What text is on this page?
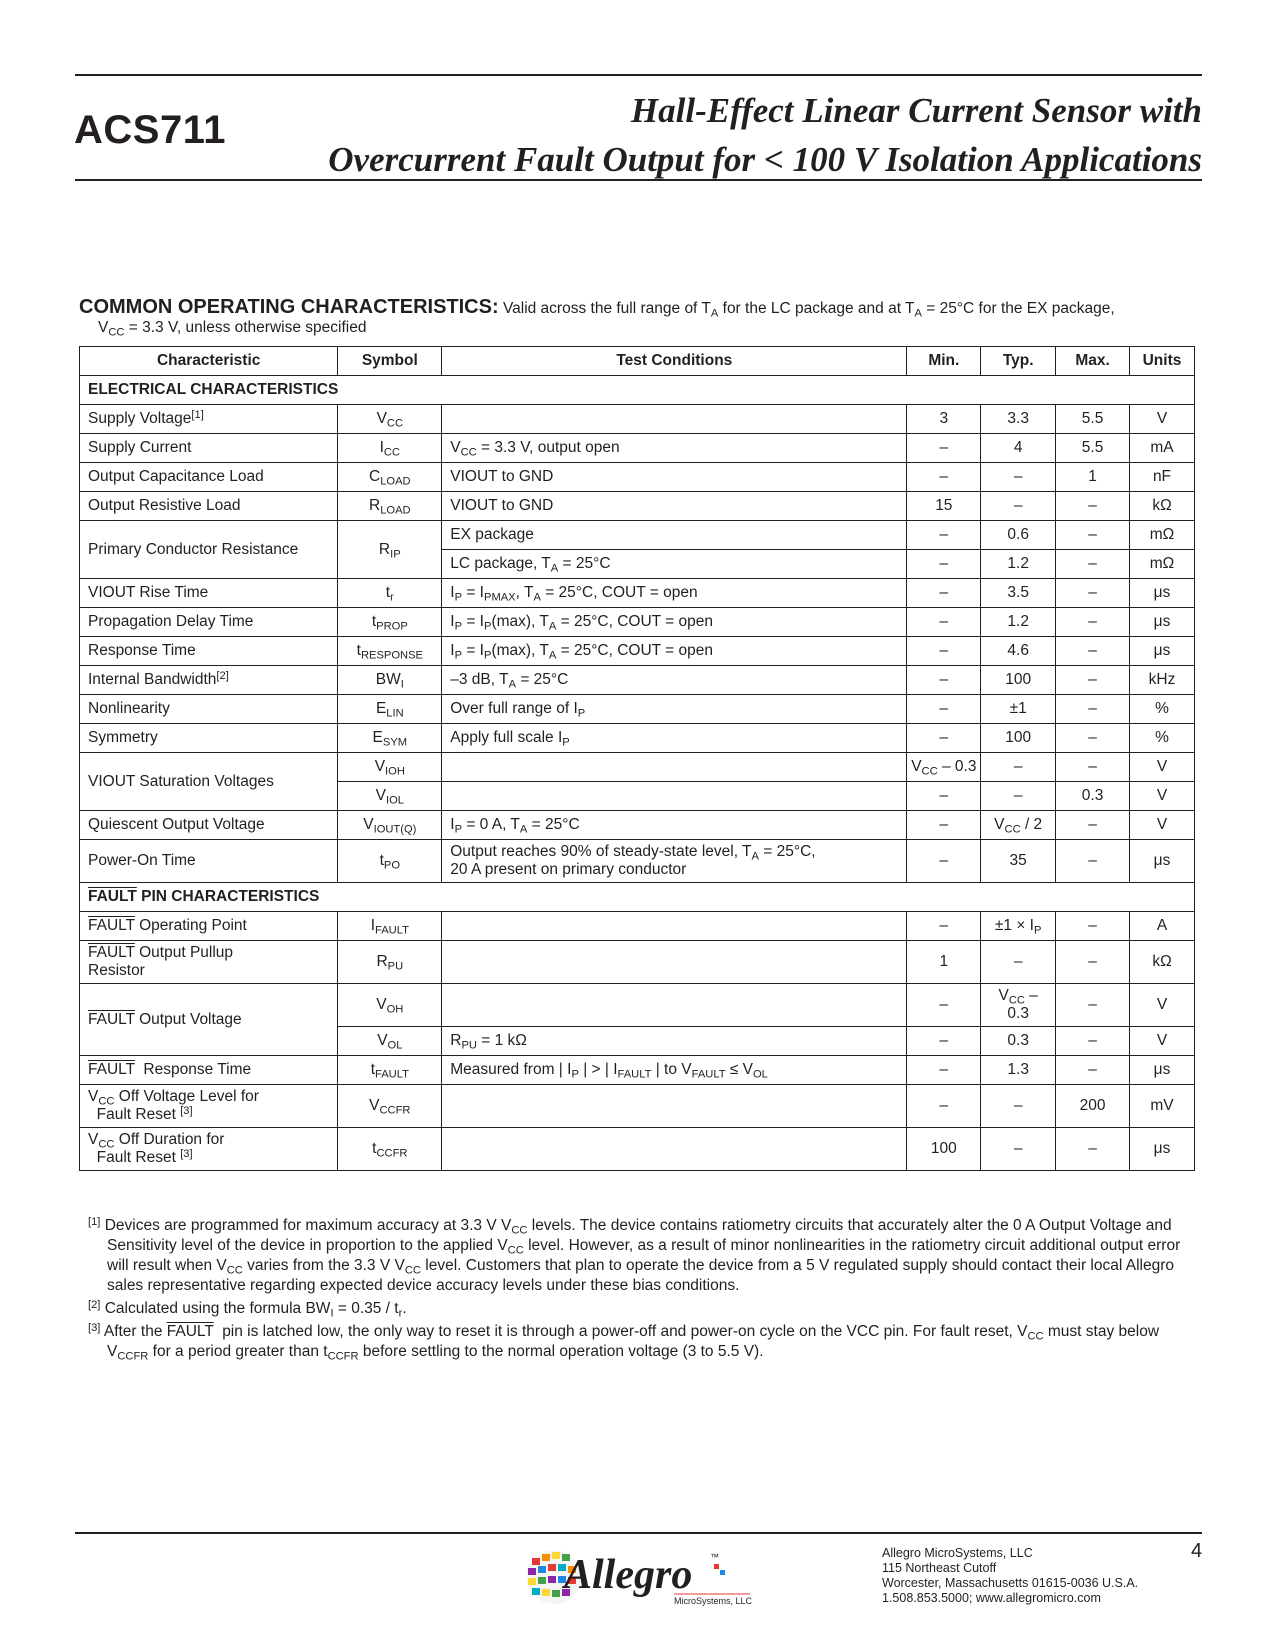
ACS711	Hall-Effect Linear Current Sensor with
Overcurrent Fault Output for < 100 V Isolation Applications
COMMON OPERATING CHARACTERISTICS: Valid across the full range of $T_A$ for the LC package and at $T_A = 25^\circ C$ for the EX package,
$V_{CC} = 3.3$ V, unless otherwise specified
Characteristic	Symbol	Test Conditions	Min.	Typ.	Max.	Units
ELECTRICAL CHARACTERISTICS						
Supply Voltage[1]	$V_{CC}$		3	3.3	5.5	V
Supply Current	$I_{CC}$	$V_{CC} = 3.3$ V, output open	–	4	5.5	mA
Output Capacitance Load	$C_{LOAD}$	VIOUT to GND	–	–	1	nF
Output Resistive Load	$R_{LOAD}$	VIOUT to GND	15	–	–	kΩ
Primary Conductor Resistance	$R_{IP}$	EX package	–	0.6	–	mΩ
		LC package, $T_A = 25^\circ C$	–	1.2	–	mΩ
VIOUT Rise Time	$t_r$	$I_P = I_{PMAX}$, $T_A = 25^\circ C$, COUT = open	–	3.5	–	μs
Propagation Delay Time	$t_{PROP}$	$I_P = I_P(\max)$, $T_A = 25^\circ C$, COUT = open	–	1.2	–	μs
Response Time	$t_{RESPONSE}$	$I_P = I_P(\max)$, $T_A = 25^\circ C$, COUT = open	–	4.6	–	μs
Internal Bandwidth[2]	$BW_I$	–3 dB, $T_A = 25^\circ C$	–	100	–	kHz
Nonlinearity	$E_{LIN}$	Over full range of $I_P$	–	±1	–	%
Symmetry	$E_{SYM}$	Apply full scale $I_P$	–	100	–	%
VIOUT Saturation Voltages	$V_{IOH}$		$V_{CC} - 0.3$	–	–	V
	$V_{IOL}$		–	–	0.3	V
Quiescent Output Voltage	$V_{IOUT(Q)}$	$I_P = 0$ A, $T_A = 25^\circ C$	–	$V_{CC} / 2$	–	V
Power-On Time	$t_{PO}$	Output reaches 90% of steady-state level, $T_A = 25^\circ C$,
20 A present on primary conductor	–	35	–	μs
FAULT PIN CHARACTERISTICS						
FAULT Operating Point	$I_{FAULT}$		–	$\pm 1 \times I_P$	–	A
FAULT Output Pullup
Resistor	$R_{PU}$		1	–	–	kΩ
FAULT Output Voltage	$V_{OH}$		–	$V_{CC}$ –
0.3	–	V
	$V_{OL}$	$R_{PU} = 1$ kΩ	–	0.3	–	V
FAULT  Response Time	$t_{FAULT}$	Measured from | $I_P$ | > | $I_{FAULT}$ | to $V_{FAULT} \le V_{OL}$	–	1.3	–	μs
$V_{CC}$ Off Voltage Level for
Fault Reset [3]	$V_{CCFR}$		–	–	200	mV
$V_{CC}$ Off Duration for
Fault Reset [3]	$t_{CCFR}$		100	–	–	μs
[1] Devices are programmed for maximum accuracy at 3.3 V $V_{CC}$ levels. The device contains ratiometry circuits that accurately alter the 0 A Output Voltage and Sensitivity level of the device in proportion to the applied $V_{CC}$ level. However, as a result of minor nonlinearities in the ratiometry circuit additional output error will result when $V_{CC}$ varies from the 3.3 V $V_{CC}$ level. Customers that plan to operate the device from a 5 V regulated supply should contact their local Allegro sales representative regarding expected device accuracy levels under these bias conditions.
[2] Calculated using the formula $BW_I = 0.35 / t_r$.
[3] After the FAULT  pin is latched low, the only way to reset it is through a power-off and power-on cycle on the VCC pin. For fault reset, $V_{CC}$ must stay below $V_{CCFR}$ for a period greater than $t_{CCFR}$ before settling to the normal operation voltage (3 to 5.5 V).
Allegro ™
MicroSystems, LLC
Allegro MicroSystems, LLC
115 Northeast Cutoff
Worcester, Massachusetts 01615-0036 U.S.A.
1.508.853.5000; www.allegromicro.com
4
